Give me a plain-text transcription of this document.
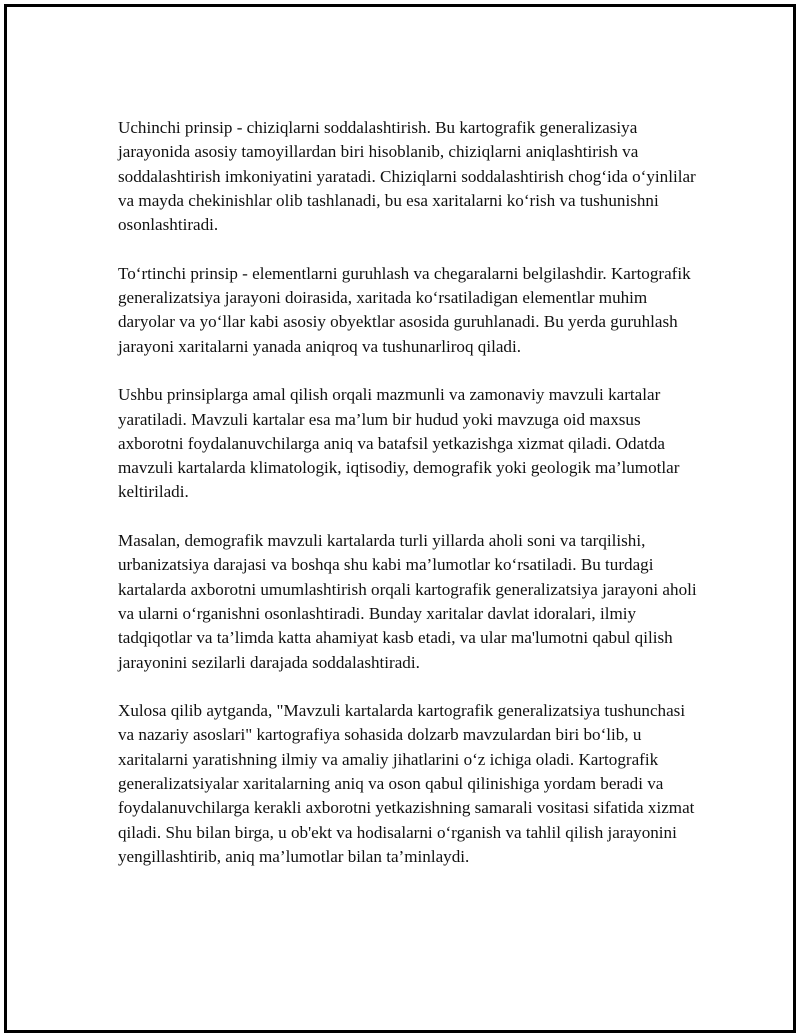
Uchinchi prinsip - chiziqlarni soddalashtirish. Bu kartografik generalizasiya jarayonida asosiy tamoyillardan biri hisoblanib, chiziqlarni aniqlashtirish va soddalashtirish imkoniyatini yaratadi. Chiziqlarni soddalashtirish chog‘ida o‘yinlilar va mayda chekinishlar olib tashlanadi, bu esa xaritalarni ko‘rish va tushunishni osonlashtiradi.

To‘rtinchi prinsip - elementlarni guruhlash va chegaralarni belgilashdir. Kartografik generalizatsiya jarayoni doirasida, xaritada ko‘rsatiladigan elementlar muhim daryolar va yo‘llar kabi asosiy obyektlar asosida guruhlanadi. Bu yerda guruhlash jarayoni xaritalarni yanada aniqroq va tushunarliroq qiladi.

Ushbu prinsiplarga amal qilish orqali mazmunli va zamonaviy mavzuli kartalar yaratiladi. Mavzuli kartalar esa ma’lum bir hudud yoki mavzuga oid maxsus axborotni foydalanuvchilarga aniq va batafsil yetkazishga xizmat qiladi. Odatda mavzuli kartalarda klimatologik, iqtisodiy, demografik yoki geologik ma’lumotlar keltiriladi.

Masalan, demografik mavzuli kartalarda turli yillarda aholi soni va tarqilishi, urbanizatsiya darajasi va boshqa shu kabi ma’lumotlar ko‘rsatiladi. Bu turdagi kartalarda axborotni umumlashtirish orqali kartografik generalizatsiya jarayoni aholi va ularni o‘rganishni osonlashtiradi. Bunday xaritalar davlat idoralari, ilmiy tadqiqotlar va ta’limda katta ahamiyat kasb etadi, va ular ma'lumotni qabul qilish jarayonini sezilarli darajada soddalashtiradi.

Xulosa qilib aytganda, "Mavzuli kartalarda kartografik generalizatsiya tushunchasi va nazariy asoslari" kartografiya sohasida dolzarb mavzulardan biri bo‘lib, u xaritalarni yaratishning ilmiy va amaliy jihatlarini o‘z ichiga oladi. Kartografik generalizatsiyalar xaritalarning aniq va oson qabul qilinishiga yordam beradi va foydalanuvchilarga kerakli axborotni yetkazishning samarali vositasi sifatida xizmat qiladi. Shu bilan birga, u ob'ekt va hodisalarni o‘rganish va tahlil qilish jarayonini yengillashtirib, aniq ma’lumotlar bilan ta’minlaydi.
